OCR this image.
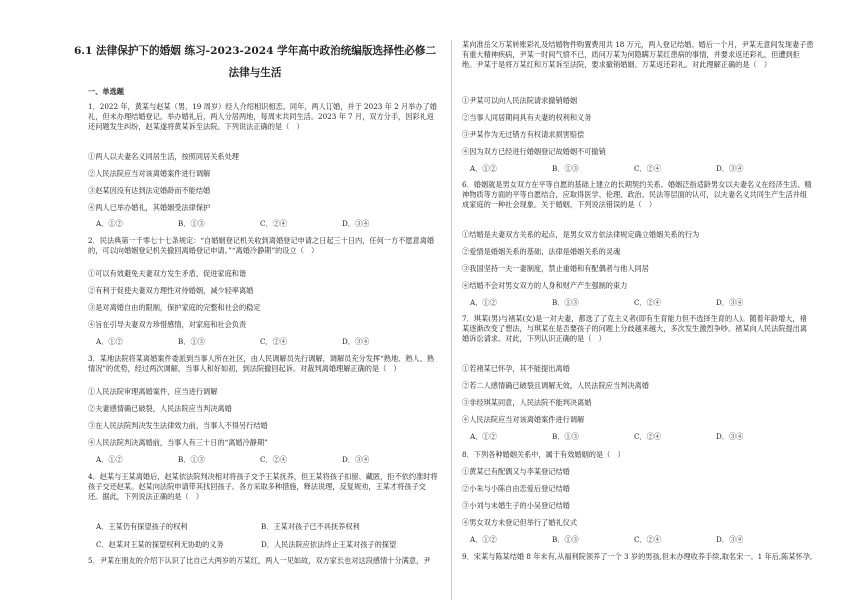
6.1 法律保护下的婚姻 练习-2023-2024 学年高中政治统编版选择性必修二
法律与生活
一、单选题
1．2022 年，黄某与赵某（男，19 周岁）经人介绍相识相恋。同年，两人订婚，并于 2023 年 2 月举办了婚礼，但未办理结婚登记。举办婚礼后，两人分居两地，每周末共同生活。2023 年 7 月，双方分手，因彩礼返还问题发生纠纷，赵某遂将黄某诉至法院。下列说法正确的是（　）
①两人以夫妻名义同居生活，按照同居关系处理
②人民法院应当对该离婚案件进行调解
③赵某因没有达到法定婚龄而不能结婚
④两人已举办婚礼，其婚姻受法律保护
A．①②	B．①③	C．②④	D．③④
2．民法典第一千零七十七条规定：“自婚姻登记机关收到离婚登记申请之日起三十日内，任何一方不愿意离婚的，可以向婚姻登记机关撤回离婚登记申请。”“离婚冷静期”的设立（　）
①可以有效避免夫妻双方发生矛盾，促进家庭和谐
②有利于促使夫妻双方理性对待婚姻，减少轻率离婚
③是对离婚自由的限制，保护家庭的完整和社会的稳定
④旨在引导夫妻双方珍惜感情，对家庭和社会负责
A．①②	B．①③	C．②④	D．③④
3．某地法院将某离婚案件委派到当事人所在社区，由人民调解员先行调解，调解员充分发挥“熟地、熟人、熟情况”的优势，经过两次调解，当事人和好如初，到法院撤回起诉。对裁判离婚理解正确的是（　）
①人民法院审理离婚案件，应当进行调解
②夫妻感情确已破裂，人民法院应当判决离婚
③在人民法院判决发生法律效力前，当事人不得另行结婚
④人民法院判决离婚前，当事人有三十日的“离婚冷静期”
A．①②	B．①③	C．②④	D．③④
4．赵某与王某离婚后，赵某依法院判决相对将孩子交予王某抚养，但王某将孩子扣留、藏匿，拒不依约准时将孩子交还赵某。赵某向法院申请带其找回孩子。各方采取多种措施，释法说理，反复规劝，王某才将孩子交还。据此，下列说法正确的是（　）
A．王某仍有探望孩子的权利	B．王某对孩子已不具抚养权利
C．赵某对王某的探望权利无协助的义务	D．人民法院应依法终止王某对孩子的探望
5．尹某在朋友的介绍下认识了比自己大两岁的万某红，两人一见如故，双方家长也对这段感情十分满意，尹
某向准岳父万某转账彩礼及结婚物件购置费用共 18 万元，两人登记结婚。婚后一个月，尹某无意间发现妻子患有重大精神疾病，尹某一时间气愤不已，质问万某为何隐瞒万某红患病的事情，并要求返还彩礼，但遭到拒绝。尹某于是将万某红和万某诉至法院，要求撤销婚姻、万某返还彩礼。对此理解正确的是（　）
①尹某可以向人民法院请求撤销婚姻
②当事人同居期间具有夫妻的权利和义务
③尹某作为无过错方有权请求损害赔偿
④因为双方已经进行婚姻登记故婚姻不可撤销
A．①②	B．①③	C．②④	D．③④
6．婚姻就是男女双方在平等自愿的基础上建立的长期契约关系。婚姻泛指适龄男女以夫妻名义在经济生活、精神物质等方面的平等自愿结合，应取得医学、伦理、政治、民法等层面的认可，以夫妻名义共同生产生活并组成家庭的一种社会现象。关于婚姻，下列说法错误的是（　）
①结婚是夫妻双方关系的起点，是男女双方依法律规定确立婚姻关系的行为
②爱情是婚姻关系的基础，法律是婚姻关系的灵魂
③我国坚持一夫一妻制度，禁止重婚和有配偶者与他人同居
④结婚不会对男女双方的人身和财产产生强制的束力
A．①②	B．①③	C．②④	D．③④
7．琪某(男)与褚某(女)是一对夫妻，都选了了克主义者(即有生育能力但不选择生育的人)。随着年龄增大，褚某逐渐改变了想法，与琪某在是否要孩子的问题上分歧越来越大，多次发生激烈争吵。褚某向人民法院提出离婚诉讼请求。对此，下列认识正确的是（　）
①若褚某已怀孕，其不能提出离婚
②若二人感情确已破裂且调解无效，人民法院应当判决离婚
③非经琪某同意，人民法院不能判决离婚
④人民法院应当对该离婚案件进行调解
A．①②	B．①③	C．②④	D．③④
8．下列各种婚姻关系中，属于有效婚姻的是（　）
①黄某已有配偶又与李某登记结婚
②小朱与小陈自由恋爱后登记结婚
③小刘与未婚生子的小吴登记结婚
④男女双方未登记但举行了婚礼仪式
A．①②	B．①③	C．②④	D．③④
9．宋某与陈某结婚 8 年未有,从福利院领养了一个 3 岁的男孩,但未办理收养手续,取名宋一。1 年后,陈某怀孕,
